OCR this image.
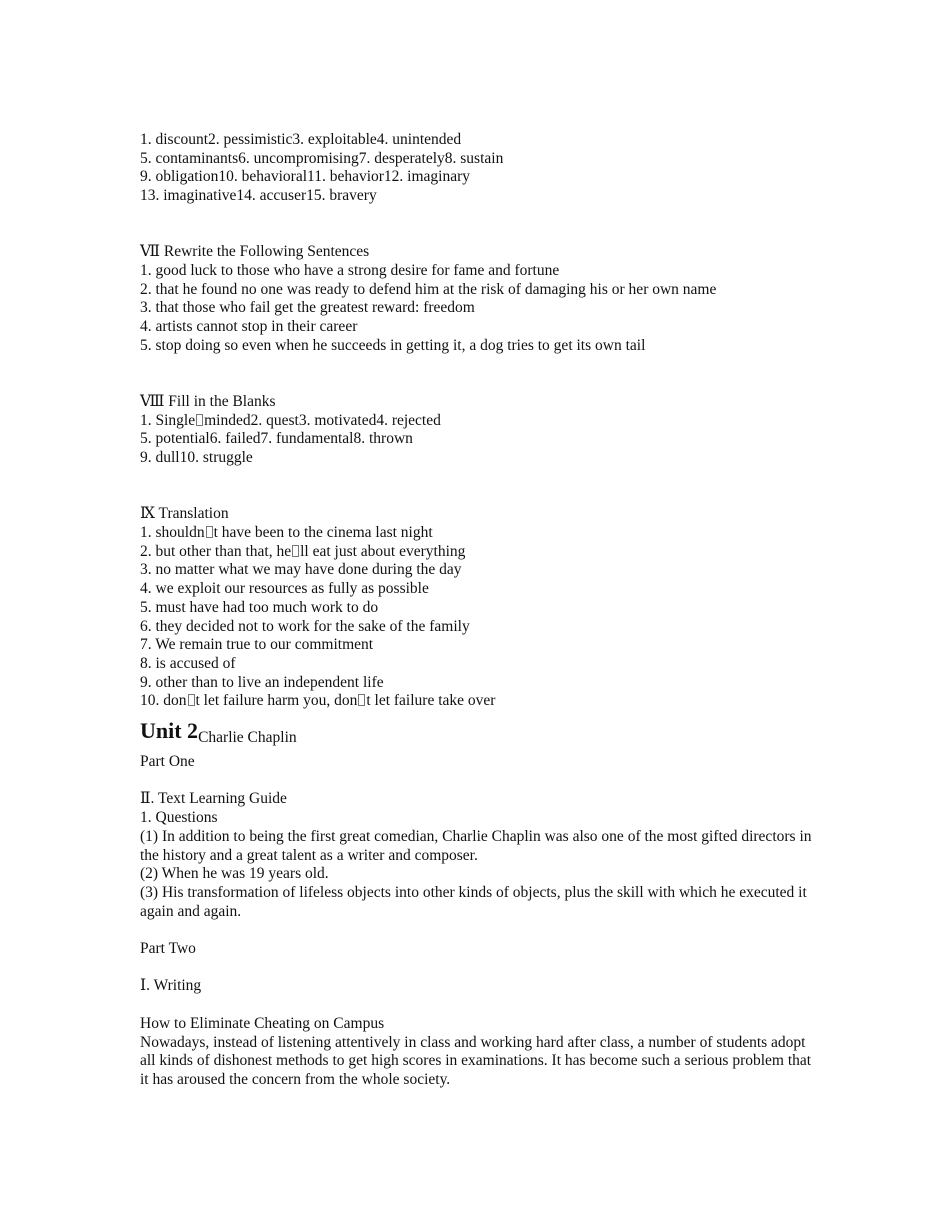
1. discount2. pessimistic3. exploitable4. unintended
5. contaminants6. uncompromising7. desperately8. sustain
9. obligation10. behavioral11. behavior12. imaginary
13. imaginative14. accuser15. bravery
Ⅶ Rewrite the Following Sentences
1. good luck to those who have a strong desire for fame and fortune
2. that he found no one was ready to defend him at the risk of damaging his or her own name
3. that those who fail get the greatest reward: freedom
4. artists cannot stop in their career
5. stop doing so even when he succeeds in getting it, a dog tries to get its own tail
Ⅷ Fill in the Blanks
1. Single minded2. quest3. motivated4. rejected
5. potential6. failed7. fundamental8. thrown
9. dull10. struggle
Ⅸ Translation
1. shouldn t have been to the cinema last night
2. but other than that, he ll eat just about everything
3. no matter what we may have done during the day
4. we exploit our resources as fully as possible
5. must have had too much work to do
6. they decided not to work for the sake of the family
7. We remain true to our commitment
8. is accused of
9. other than to live an independent life
10. don t let failure harm you, don t let failure take over
Unit 2Charlie Chaplin
Part One
Ⅱ. Text Learning Guide
1. Questions
(1) In addition to being the first great comedian, Charlie Chaplin was also one of the most gifted directors in the history and a great talent as a writer and composer.
(2) When he was 19 years old.
(3) His transformation of lifeless objects into other kinds of objects, plus the skill with which he executed it again and again.
Part Two
Ⅰ. Writing
How to Eliminate Cheating on Campus
Nowadays, instead of listening attentively in class and working hard after class, a number of students adopt all kinds of dishonest methods to get high scores in examinations. It has become such a serious problem that it has aroused the concern from the whole society.
